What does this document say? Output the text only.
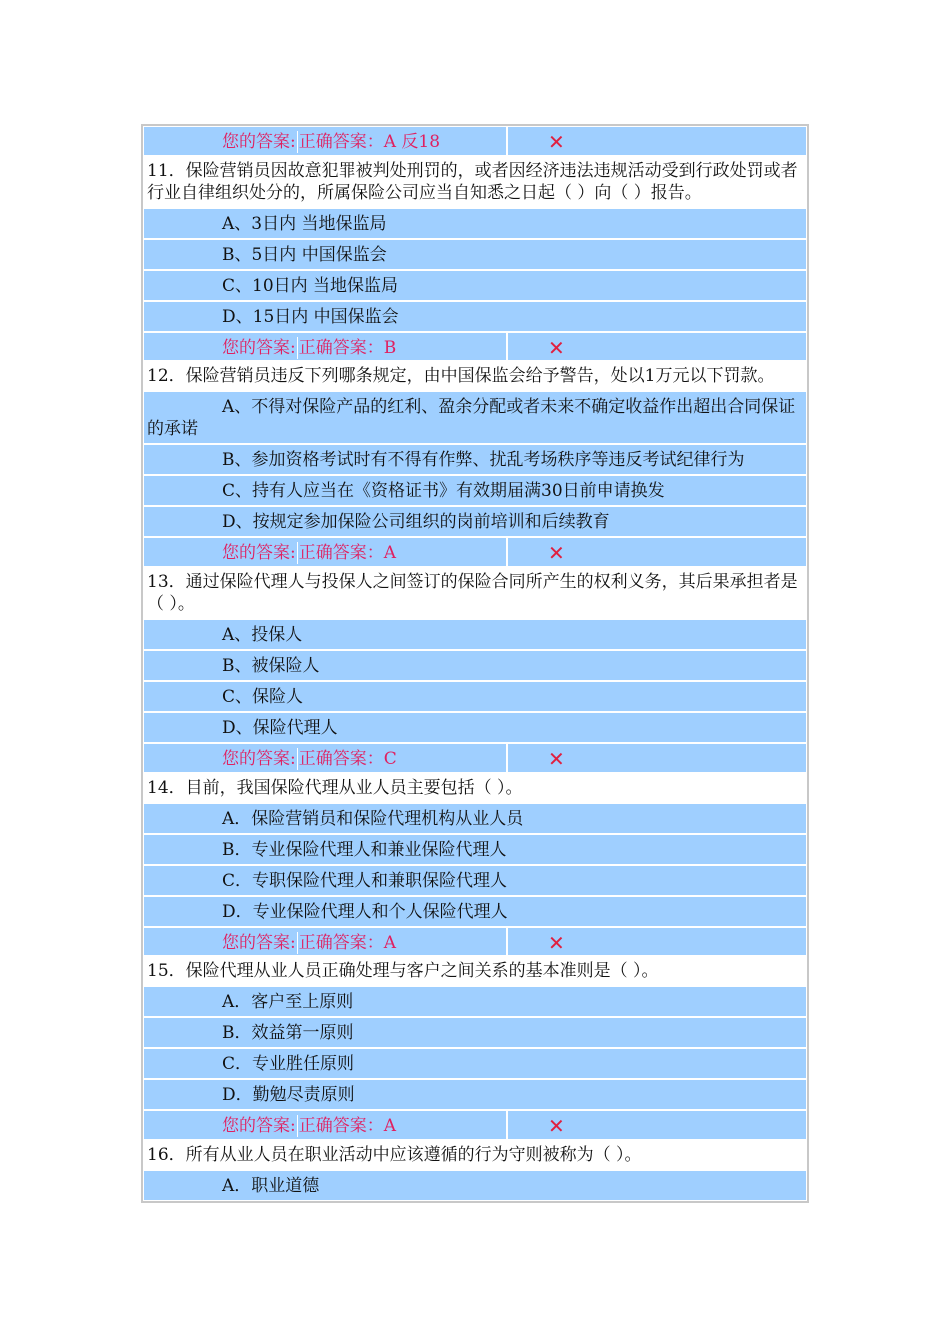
您的答案: 正确答案：A 反18	✕
11．保险营销员因故意犯罪被判处刑罚的，或者因经济违法违规活动受到行政处罚或者行业自律组织处分的，所属保险公司应当自知悉之日起（ ）向（ ）报告。
A、3日内 当地保监局
B、5日内 中国保监会
C、10日内 当地保监局
D、15日内 中国保监会
您的答案: 正确答案：B	✕
12．保险营销员违反下列哪条规定，由中国保监会给予警告，处以1万元以下罚款。
A、不得对保险产品的红利、盈余分配或者未来不确定收益作出超出合同保证的承诺
B、参加资格考试时有不得有作弊、扰乱考场秩序等违反考试纪律行为
C、持有人应当在《资格证书》有效期届满30日前申请换发
D、按规定参加保险公司组织的岗前培训和后续教育
您的答案: 正确答案：A	✕
13．通过保险代理人与投保人之间签订的保险合同所产生的权利义务，其后果承担者是（ ）。
A、投保人
B、被保险人
C、保险人
D、保险代理人
您的答案: 正确答案：C	✕
14．目前，我国保险代理从业人员主要包括（ ）。
A．保险营销员和保险代理机构从业人员
B．专业保险代理人和兼业保险代理人
C．专职保险代理人和兼职保险代理人
D．专业保险代理人和个人保险代理人
您的答案: 正确答案：A	✕
15．保险代理从业人员正确处理与客户之间关系的基本准则是（ ）。
A．客户至上原则
B．效益第一原则
C．专业胜任原则
D．勤勉尽责原则
您的答案: 正确答案：A	✕
16．所有从业人员在职业活动中应该遵循的行为守则被称为（ ）。
A．职业道德
